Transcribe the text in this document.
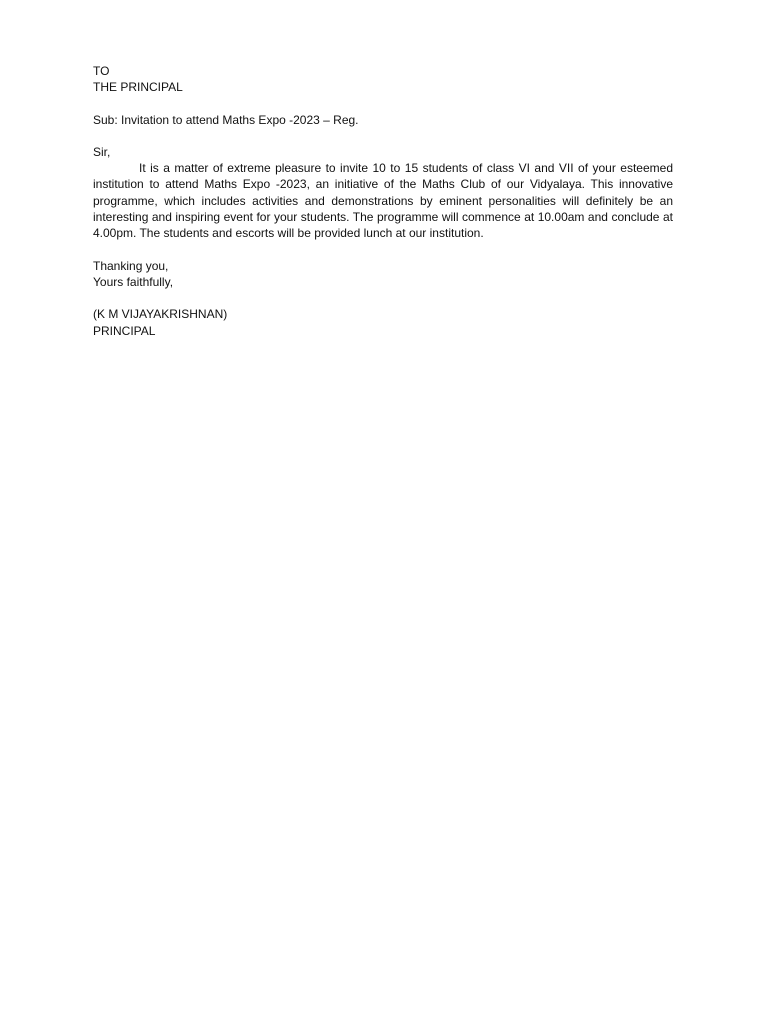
TO
THE PRINCIPAL
Sub: Invitation to attend Maths Expo -2023 – Reg.
Sir,
It is a matter of extreme pleasure to invite 10 to 15 students of class VI and VII of your esteemed institution to attend Maths Expo -2023, an initiative of the Maths Club of our Vidyalaya. This innovative programme, which includes activities and demonstrations by eminent personalities will definitely be an interesting and inspiring event for your students. The programme will commence at 10.00am and conclude at 4.00pm. The students and escorts will be provided lunch at our institution.
Thanking you,
Yours faithfully,
(K M VIJAYAKRISHNAN)
PRINCIPAL
